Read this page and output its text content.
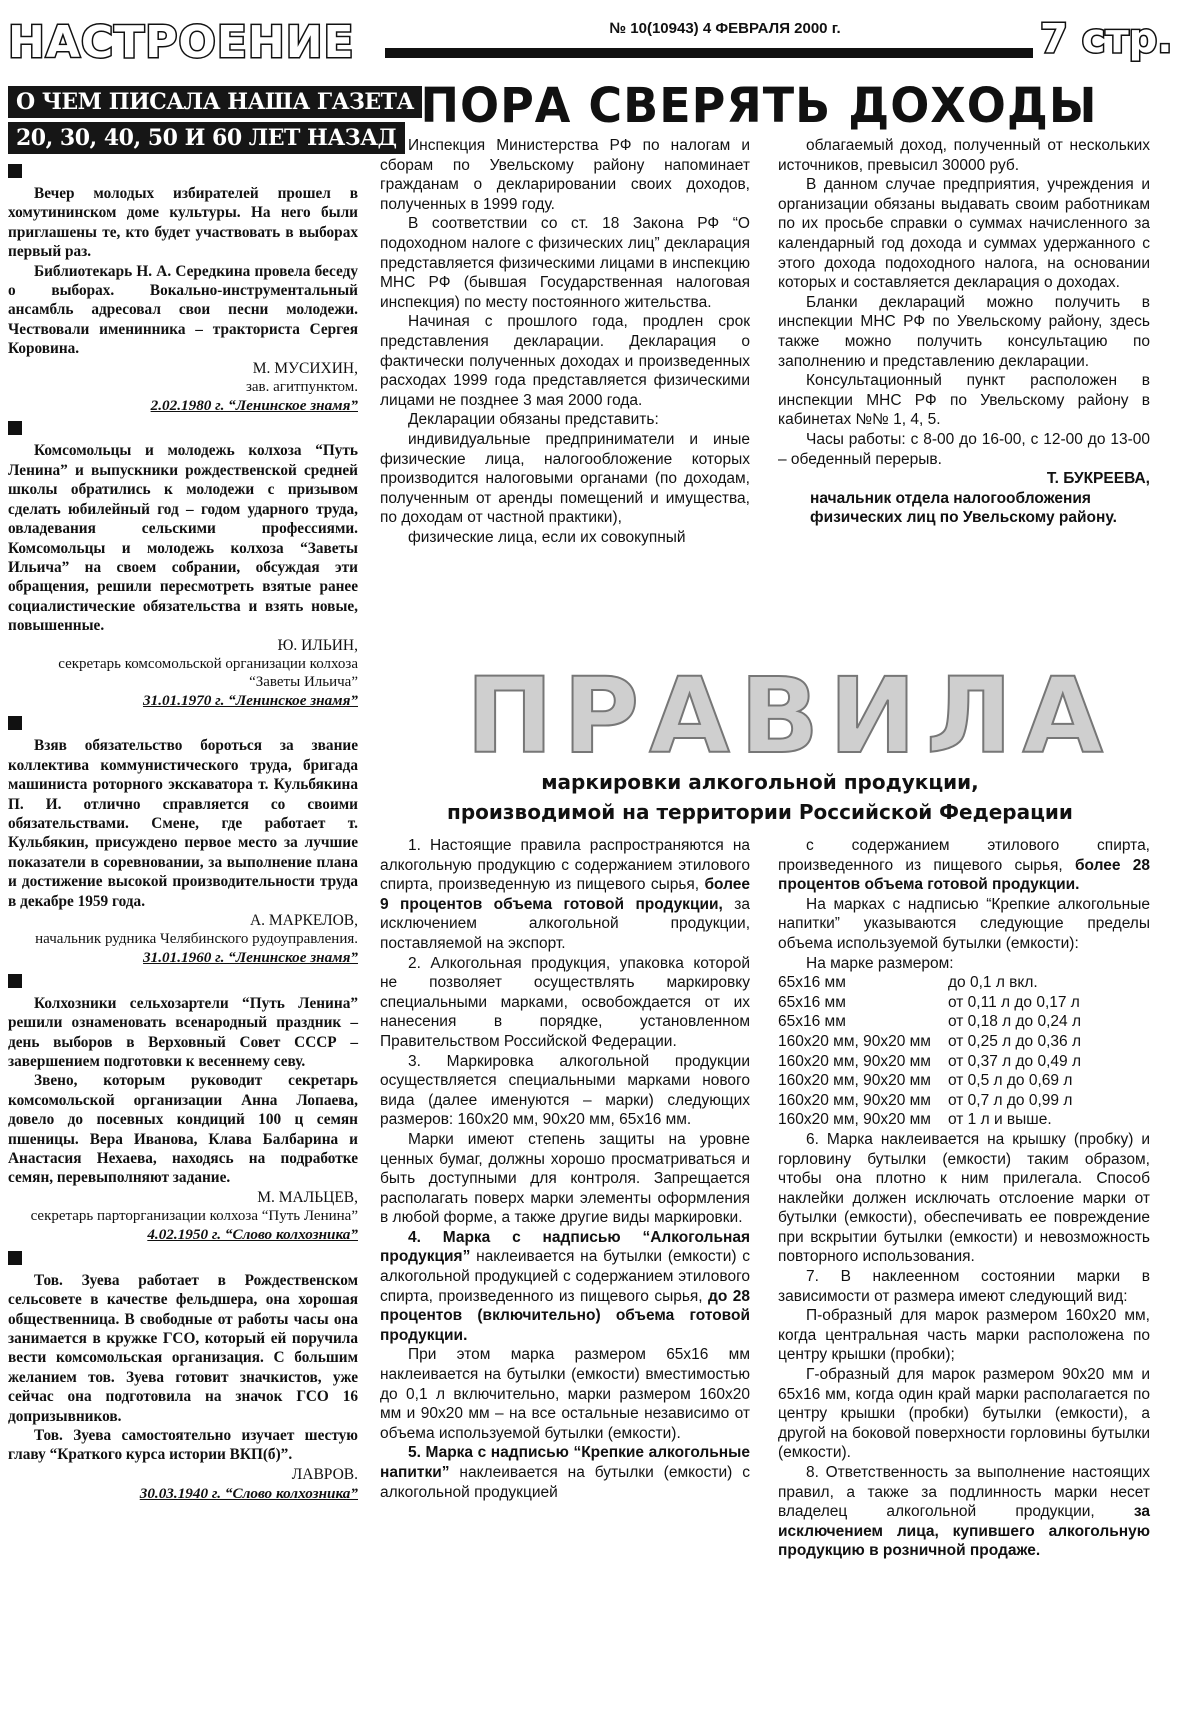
НАСТРОЕНИЕ	№ 10(10943) 4 ФЕВРАЛЯ 2000 г.	7 стр.
О ЧЕМ ПИСАЛА НАША ГАЗЕТА 20, 30, 40, 50 И 60 ЛЕТ НАЗАД

Вечер молодых избирателей прошел в хомутининском доме культуры. На него были приглашены те, кто будет участвовать в выборах первый раз.

Библиотекарь Н. А. Середкина провела беседу о выборах. Вокально-инструментальный ансамбль адресовал свои песни молодежи. Чествовали именинника – тракториста Сергея Коровина.

М. МУСИХИН,
зав. агитпунктом.
2.02.1980 г. “Ленинское знамя”

Комсомольцы и молодежь колхоза “Путь Ленина” и выпускники рождественской средней школы обратились к молодежи с призывом сделать юбилейный год – годом ударного труда, овладевания сельскими профессиями. Комсомольцы и молодежь колхоза “Заветы Ильича” на своем собрании, обсуждая эти обращения, решили пересмотреть взятые ранее социалистические обязательства и взять новые, повышенные.

Ю. ИЛЬИН,
секретарь комсомольской организации колхоза “Заветы Ильича”
31.01.1970 г. “Ленинское знамя”

Взяв обязательство бороться за звание коллектива коммунистического труда, бригада машиниста роторного экскаватора т. Кульбякина П. И. отлично справляется со своими обязательствами. Смене, где работает т. Кульбякин, присуждено первое место за лучшие показатели в соревновании, за выполнение плана и достижение высокой производительности труда в декабре 1959 года.

А. МАРКЕЛОВ,
начальник рудника Челябинского рудоуправления.
31.01.1960 г. “Ленинское знамя”

Колхозники сельхозартели “Путь Ленина” решили ознаменовать всенародный праздник – день выборов в Верховный Совет СССР – завершением подготовки к весеннему севу.

Звено, которым руководит секретарь комсомольской организации Анна Лопаева, довело до посевных кондиций 100 ц семян пшеницы. Вера Иванова, Клава Балбарина и Анастасия Нехаева, находясь на подработке семян, перевыполняют задание.

М. МАЛЬЦЕВ,
секретарь парторганизации колхоза “Путь Ленина”
4.02.1950 г. “Слово колхозника”

Тов. Зуева работает в Рождественском сельсовете в качестве фельдшера, она хорошая общественница. В свободные от работы часы она занимается в кружке ГСО, который ей поручила вести комсомольская организация. С большим желанием тов. Зуева готовит значкистов, уже сейчас она подготовила на значок ГСО 16 допризывников.

Тов. Зуева самостоятельно изучает шестую главу “Краткого курса истории ВКП(б)”.

ЛАВРОВ.
30.03.1940 г. “Слово колхозника”
ПОРА СВЕРЯТЬ ДОХОДЫ

Инспекция Министерства РФ по налогам и сборам по Увельскому району напоминает гражданам о декларировании своих доходов, полученных в 1999 году.

В соответствии со ст. 18 Закона РФ “О подоходном налоге с физических лиц” декларация представляется физическими лицами в инспекцию МНС РФ (бывшая Государственная налоговая инспекция) по месту постоянного жительства.

Начиная с прошлого года, продлен срок представления декларации. Декларация о фактически полученных доходах и произведенных расходах 1999 года представляется физическими лицами не позднее 3 мая 2000 года.

Декларации обязаны представить:

индивидуальные предприниматели и иные физические лица, налогообложение которых производится налоговыми органами (по доходам, полученным от аренды помещений и имущества, по доходам от частной практики),

физические лица, если их совокупный

облагаемый доход, полученный от нескольких источников, превысил 30000 руб.

В данном случае предприятия, учреждения и организации обязаны выдавать своим работникам по их просьбе справки о суммах начисленного за календарный год дохода и суммах удержанного с этого дохода подоходного налога, на основании которых и составляется декларация о доходах.

Бланки деклараций можно получить в инспекции МНС РФ по Увельскому району, здесь также можно получить консультацию по заполнению и представлению декларации.

Консультационный пункт расположен в инспекции МНС РФ по Увельскому району в кабинетах №№ 1, 4, 5.

Часы работы: с 8-00 до 16-00, с 12-00 до 13-00 – обеденный перерыв.

Т. БУКРЕЕВА,
начальник отдела налогообложения физических лиц по Увельскому району.
ПРАВИЛА
маркировки алкогольной продукции,
производимой на территории Российской Федерации

1. Настоящие правила распространяются на алкогольную продукцию с содержанием этилового спирта, произведенную из пищевого сырья, более 9 процентов объема готовой продукции, за исключением алкогольной продукции, поставляемой на экспорт.

2. Алкогольная продукция, упаковка которой не позволяет осуществлять маркировку специальными марками, освобождается от их нанесения в порядке, установленном Правительством Российской Федерации.

3. Маркировка алкогольной продукции осуществляется специальными марками нового вида (далее именуются – марки) следующих размеров: 160х20 мм, 90х20 мм, 65х16 мм.

Марки имеют степень защиты на уровне ценных бумаг, должны хорошо просматриваться и быть доступными для контроля. Запрещается располагать поверх марки элементы оформления в любой форме, а также другие виды маркировки.

4. Марка с надписью “Алкогольная продукция” наклеивается на бутылки (емкости) с алкогольной продукцией с содержанием этилового спирта, произведенного из пищевого сырья, до 28 процентов (включительно) объема готовой продукции.

При этом марка размером 65х16 мм наклеивается на бутылки (емкости) вместимостью до 0,1 л включительно, марки размером 160х20 мм и 90х20 мм – на все остальные независимо от объема используемой бутылки (емкости).

5. Марка с надписью “Крепкие алкогольные напитки” наклеивается на бутылки (емкости) с алкогольной продукцией

с содержанием этилового спирта, произведенного из пищевого сырья, более 28 процентов объема готовой продукции.

На марках с надписью “Крепкие алкогольные напитки” указываются следующие пределы объема используемой бутылки (емкости):

На марке размером:
65х16 мм	до 0,1 л вкл.
65х16 мм	от 0,11 л до 0,17 л
65х16 мм	от 0,18 л до 0,24 л
160х20 мм, 90х20 мм	от 0,25 л до 0,36 л
160х20 мм, 90х20 мм	от 0,37 л до 0,49 л
160х20 мм, 90х20 мм	от 0,5 л до 0,69 л
160х20 мм, 90х20 мм	от 0,7 л до 0,99 л
160х20 мм, 90х20 мм	от 1 л и выше.

6. Марка наклеивается на крышку (пробку) и горловину бутылки (емкости) таким образом, чтобы она плотно к ним прилегала. Способ наклейки должен исключать отслоение марки от бутылки (емкости), обеспечивать ее повреждение при вскрытии бутылки (емкости) и невозможность повторного использования.

7. В наклеенном состоянии марки в зависимости от размера имеют следующий вид:

П-образный для марок размером 160х20 мм, когда центральная часть марки расположена по центру крышки (пробки);

Г-образный для марок размером 90х20 мм и 65х16 мм, когда один край марки располагается по центру крышки (пробки) бутылки (емкости), а другой на боковой поверхности горловины бутылки (емкости).

8. Ответственность за выполнение настоящих правил, а также за подлинность марки несет владелец алкогольной продукции, за исключением лица, купившего алкогольную продукцию в розничной продаже.
